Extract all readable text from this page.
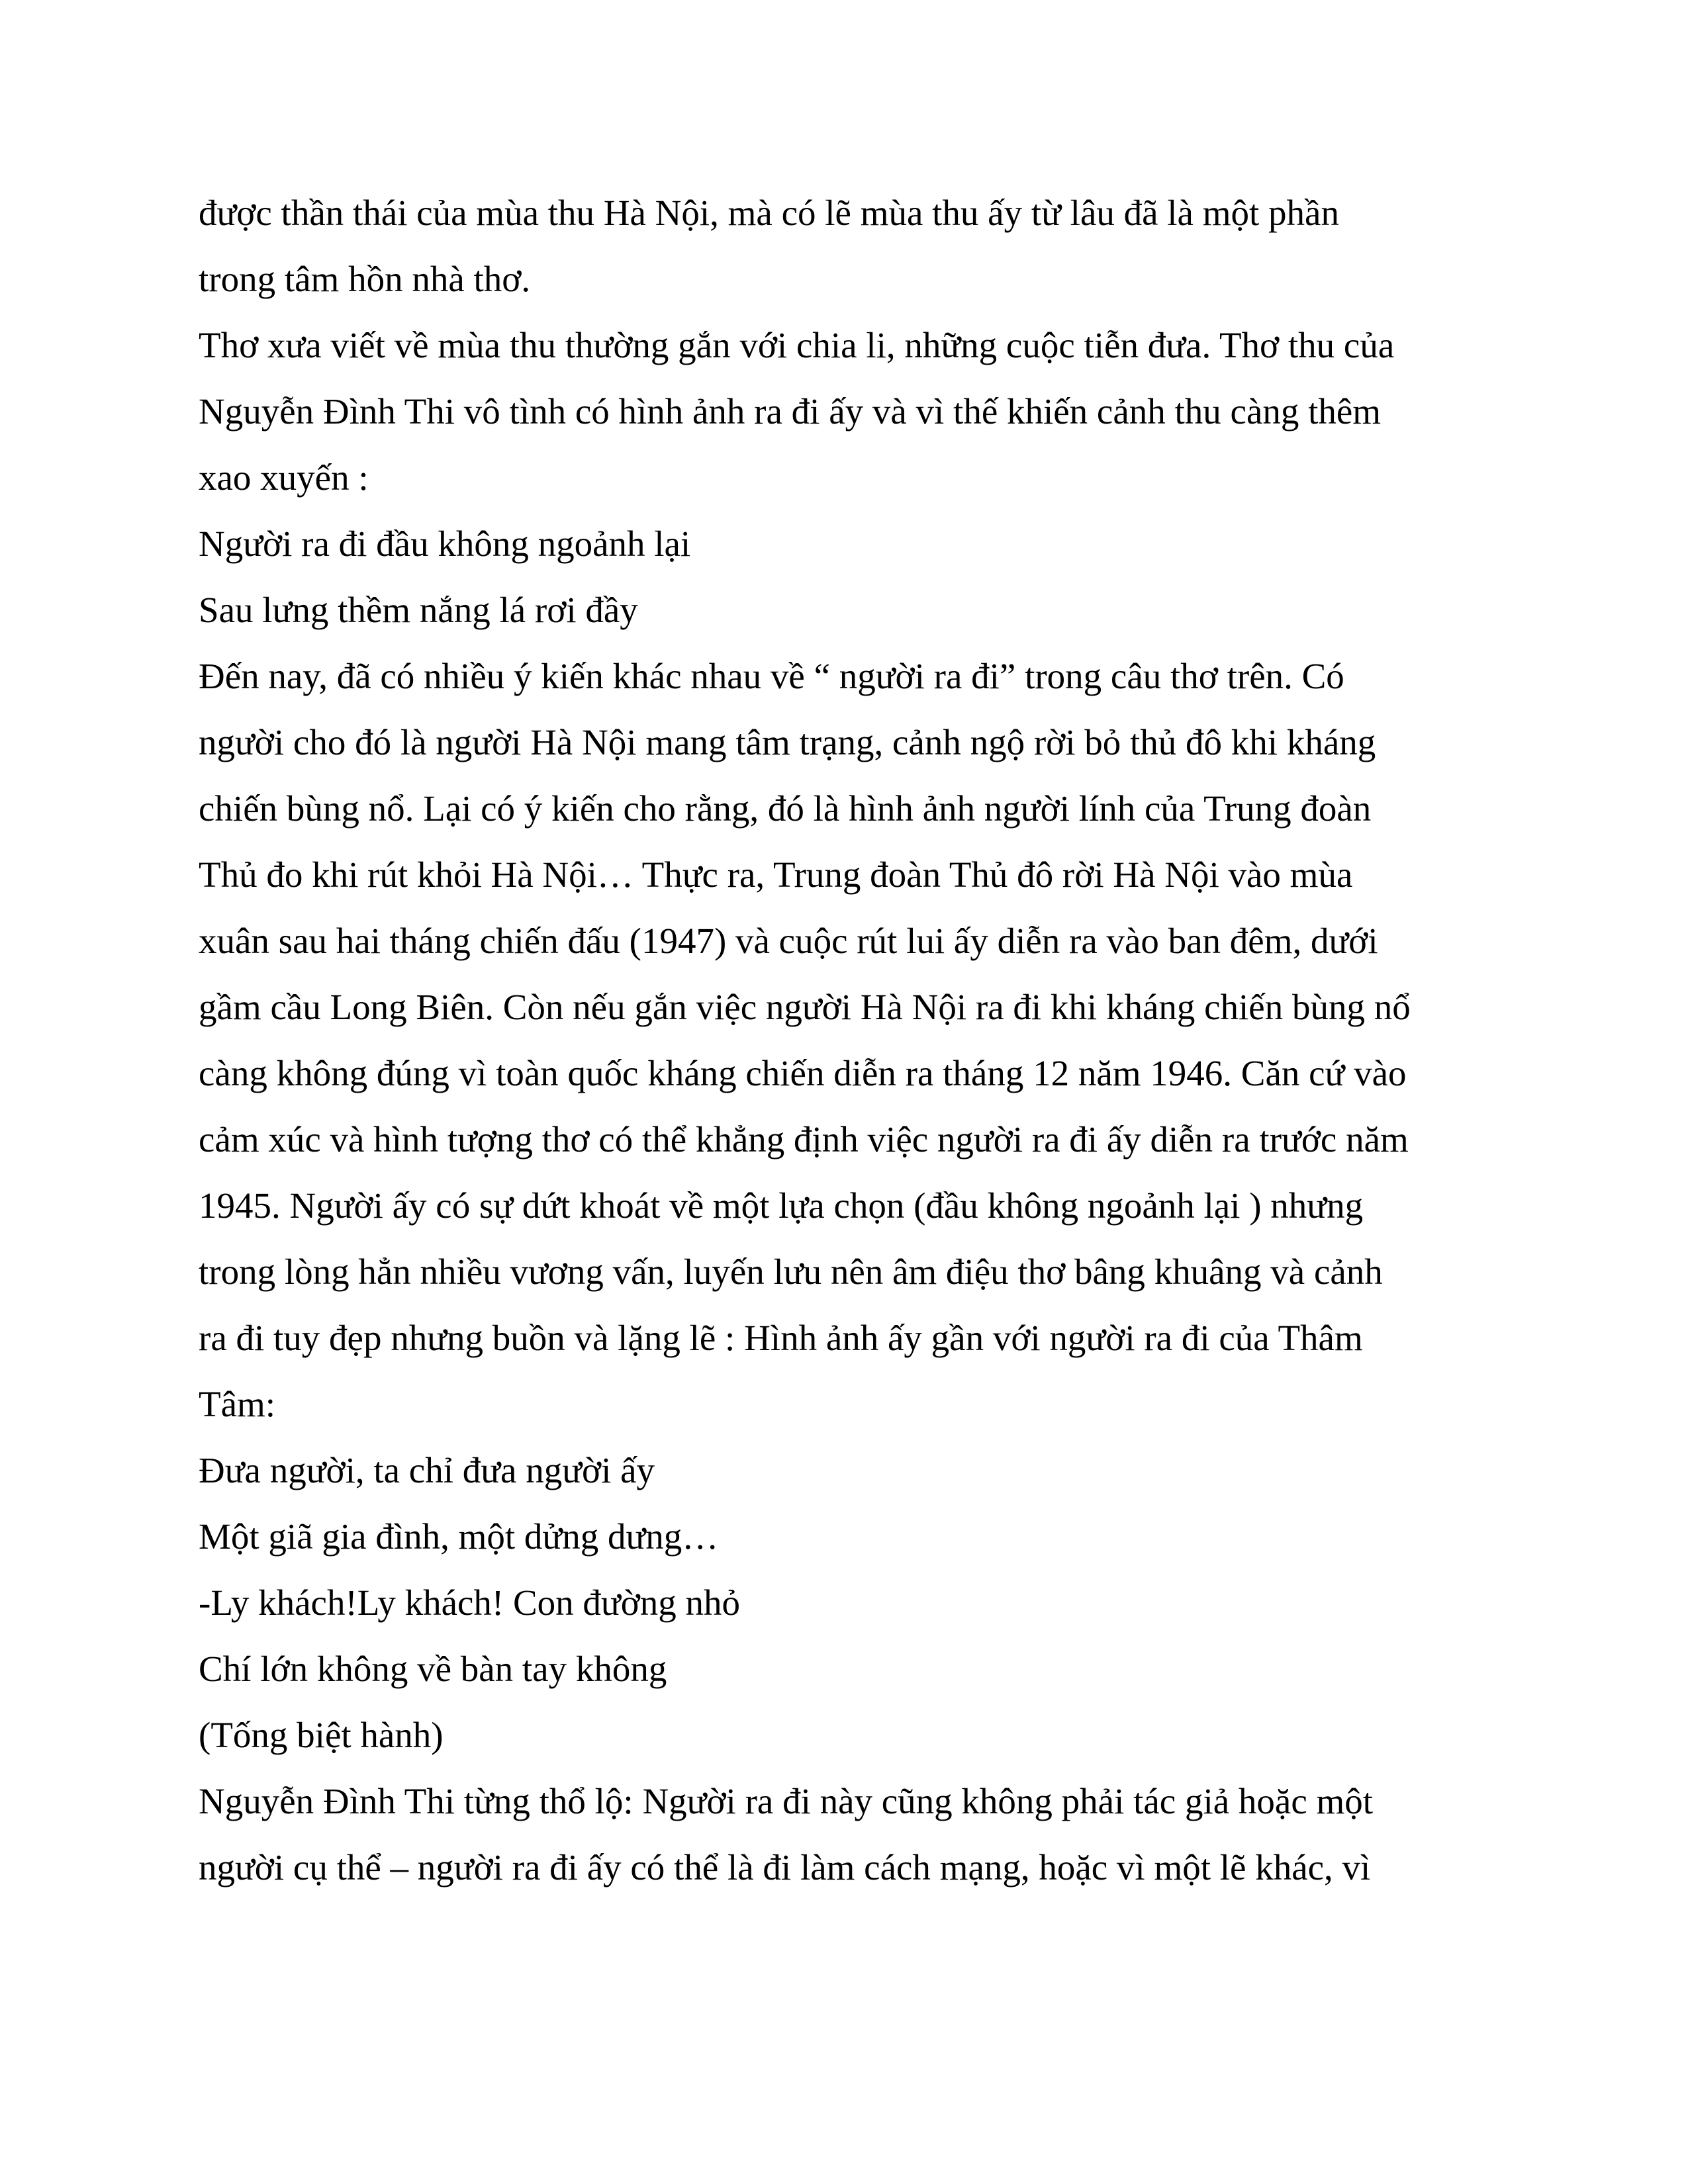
được thần thái của mùa thu Hà Nội, mà có lẽ mùa thu ấy từ lâu đã là một phần
trong tâm hồn nhà thơ.
Thơ xưa viết về mùa thu thường gắn với chia li, những cuộc tiễn đưa. Thơ thu của
Nguyễn Đình Thi vô tình có hình ảnh ra đi ấy và vì thế khiến cảnh thu càng thêm
xao xuyến :
Người ra đi đầu không ngoảnh lại
Sau lưng thềm nắng lá rơi đầy
Đến nay, đã có nhiều ý kiến khác nhau về “ người ra đi” trong câu thơ trên. Có
người cho đó là người Hà Nội mang tâm trạng, cảnh ngộ rời bỏ thủ đô khi kháng
chiến bùng nổ. Lại có ý kiến cho rằng, đó là hình ảnh người lính của Trung đoàn
Thủ đo khi rút khỏi Hà Nội… Thực ra, Trung đoàn Thủ đô rời Hà Nội vào mùa
xuân sau hai tháng chiến đấu (1947) và cuộc rút lui ấy diễn ra vào ban đêm, dưới
gầm cầu Long Biên. Còn nếu gắn việc người Hà Nội ra đi khi kháng chiến bùng nổ
càng không đúng vì toàn quốc kháng chiến diễn ra tháng 12 năm 1946. Căn cứ vào
cảm xúc và hình tượng thơ có thể khẳng định việc người ra đi ấy diễn ra trước năm
1945. Người ấy có sự dứt khoát về một lựa chọn (đầu không ngoảnh lại ) nhưng
trong lòng hẳn nhiều vương vấn, luyến lưu nên âm điệu thơ bâng khuâng và cảnh
ra đi tuy đẹp nhưng buồn và lặng lẽ : Hình ảnh ấy gần với người ra đi của Thâm
Tâm:
Đưa người, ta chỉ đưa người ấy
Một giã gia đình, một dửng dưng…
-Ly khách!Ly khách! Con đường nhỏ
Chí lớn không về bàn tay không
(Tống biệt hành)
Nguyễn Đình Thi từng thổ lộ: Người ra đi này cũng không phải tác giả hoặc một
người cụ thể – người ra đi ấy có thể là đi làm cách mạng, hoặc vì một lẽ khác, vì
